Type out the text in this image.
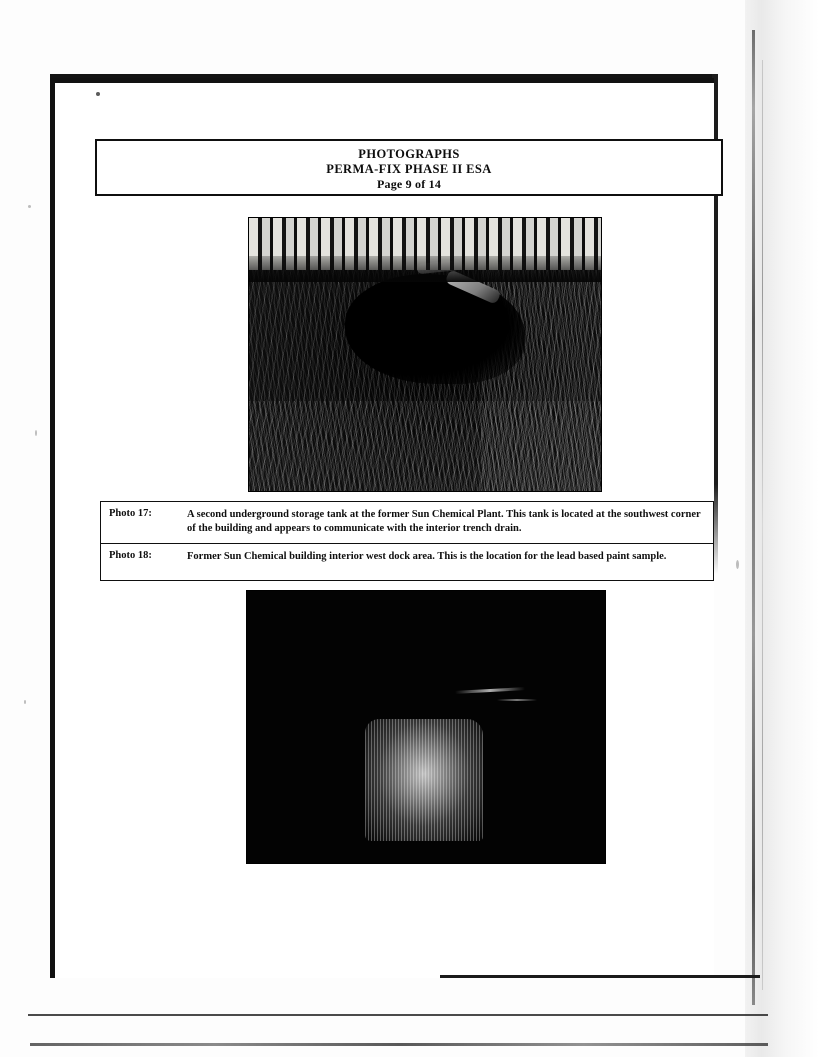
PHOTOGRAPHS
PERMA-FIX PHASE II ESA
Page 9 of 14
Photo 17:	A second underground storage tank at the former Sun Chemical Plant. This tank is located at the southwest corner of the building and appears to communicate with the interior trench drain.
Photo 18:	Former Sun Chemical building interior west dock area. This is the location for the lead based paint sample.
